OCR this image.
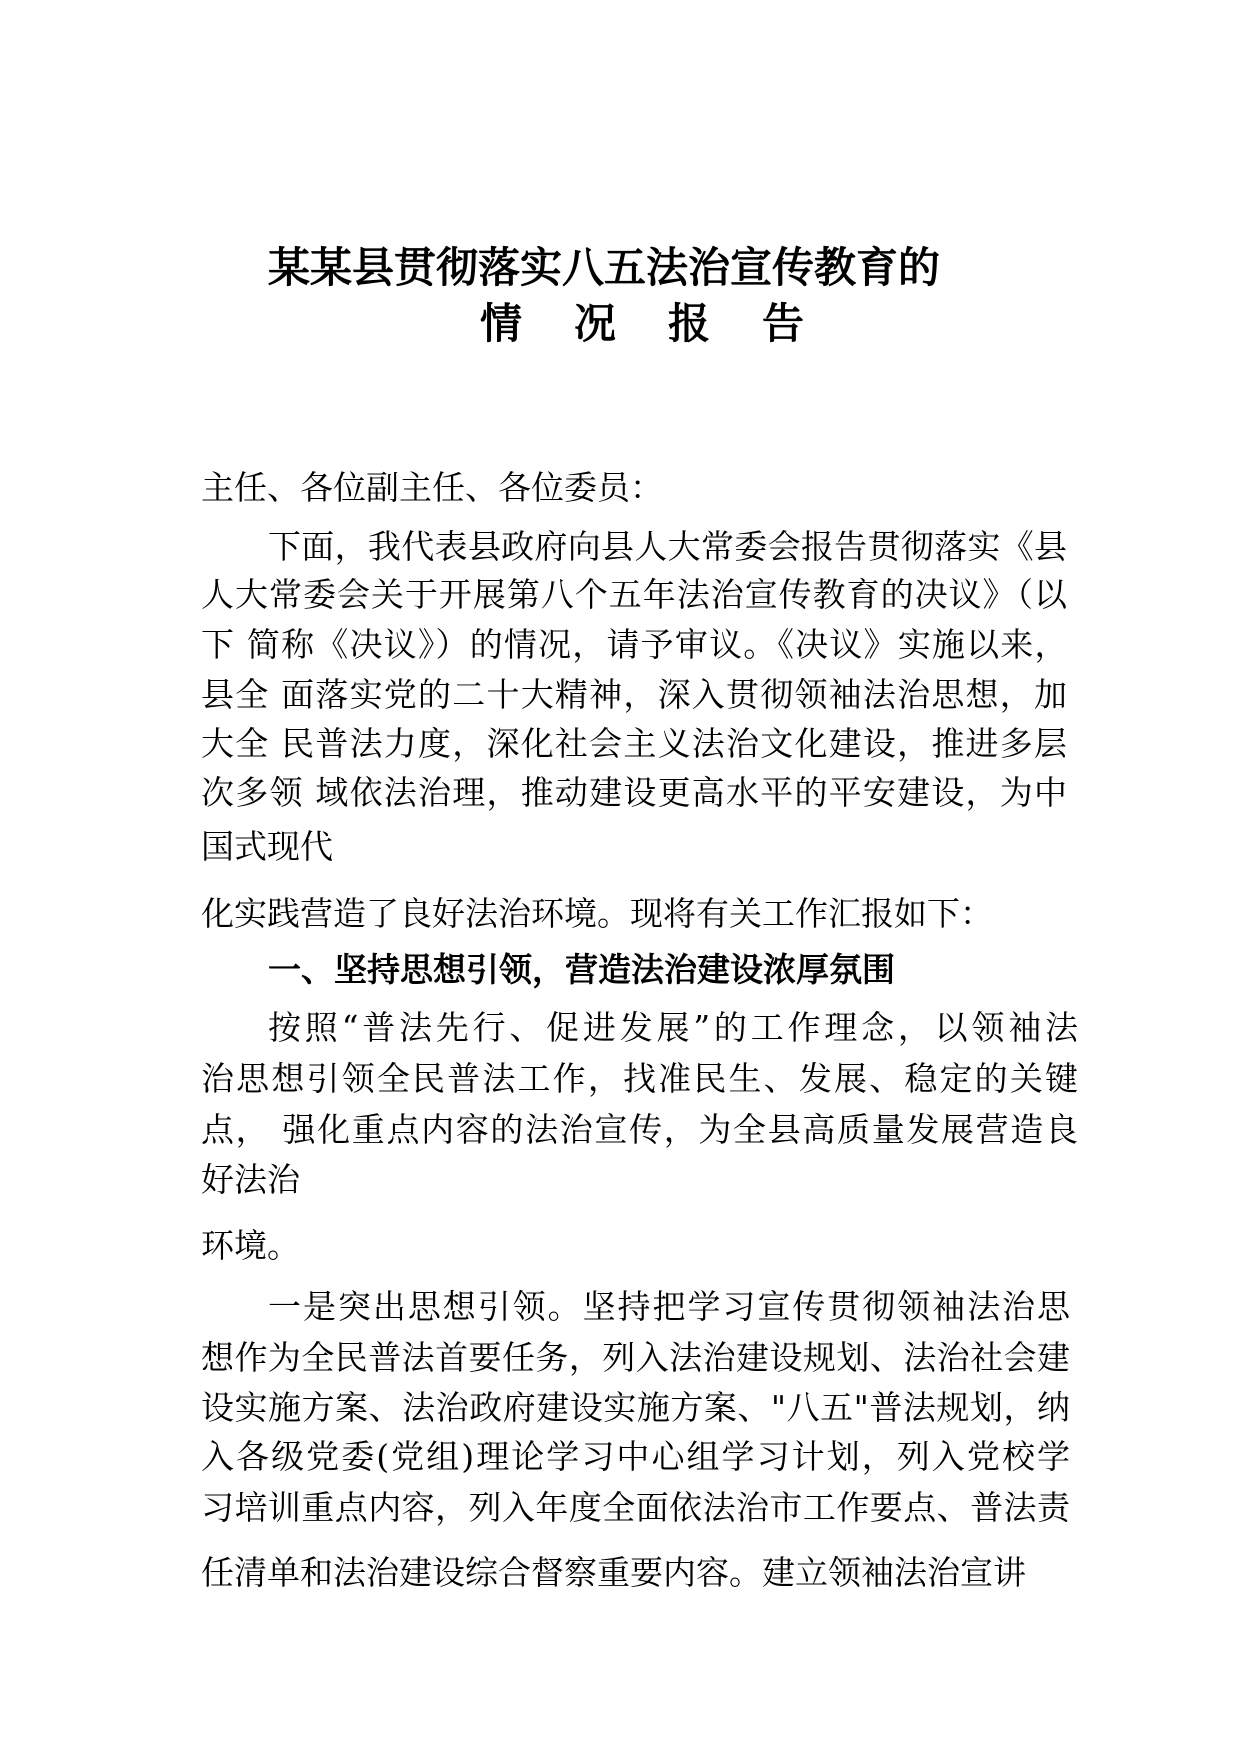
某某县贯彻落实八五法治宣传教育的
情　况　报　告
主任、各位副主任、各位委员：
下面，我代表县政府向县人大常委会报告贯彻落实《县
人大常委会关于开展第八个五年法治宣传教育的决议》（以
下 简称《决议》）的情况，请予审议。《决议》实施以来，
县全 面落实党的二十大精神，深入贯彻领袖法治思想，加
大全 民普法力度，深化社会主义法治文化建设，推进多层
次多领 域依法治理，推动建设更高水平的平安建设，为中
国式现代
化实践营造了良好法治环境。现将有关工作汇报如下：
一、坚持思想引领，营造法治建设浓厚氛围
按照“普法先行、促进发展”的工作理念，以领袖法
治思想引领全民普法工作，找准民生、发展、稳定的关键
点， 强化重点内容的法治宣传，为全县高质量发展营造良
好法治
环境。
一是突出思想引领。坚持把学习宣传贯彻领袖法治思
想作为全民普法首要任务，列入法治建设规划、法治社会建
设实施方案、法治政府建设实施方案、"八五"普法规划，纳
入各级党委(党组)理论学习中心组学习计划，列入党校学
习培训重点内容，列入年度全面依法治市工作要点、普法责
任清单和法治建设综合督察重要内容。建立领袖法治宣讲
